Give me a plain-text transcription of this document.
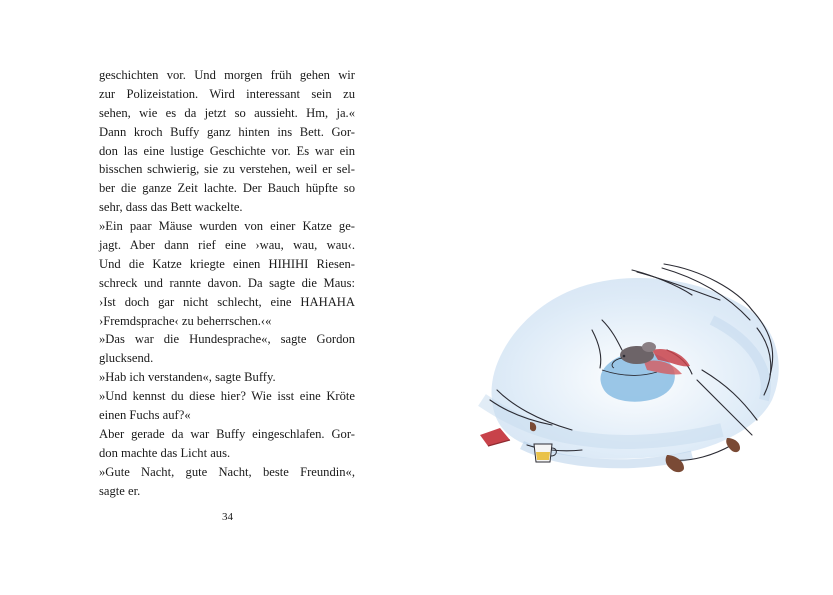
geschichten vor. Und morgen früh gehen wir
zur Polizeistation. Wird interessant sein zu
sehen, wie es da jetzt so aussieht. Hm, ja.«
Dann kroch Buffy ganz hinten ins Bett. Gor-
don las eine lustige Geschichte vor. Es war ein
bisschen schwierig, sie zu verstehen, weil er sel-
ber die ganze Zeit lachte. Der Bauch hüpfte so
sehr, dass das Bett wackelte.
»Ein paar Mäuse wurden von einer Katze ge-
jagt. Aber dann rief eine ›wau, wau, wau‹.
Und die Katze kriegte einen HIHIHI Riesen-
schreck und rannte davon. Da sagte die Maus:
›Ist doch gar nicht schlecht, eine HAHAHA
›Fremdsprache‹ zu beherrschen.‹«
»Das war die Hundesprache«, sagte Gordon
glucksend.
»Hab ich verstanden«, sagte Buffy.
»Und kennst du diese hier? Wie isst eine Kröte
einen Fuchs auf?«
Aber gerade da war Buffy eingeschlafen. Gor-
don machte das Licht aus.
»Gute Nacht, gute Nacht, beste Freundin«,
sagte er.
34
